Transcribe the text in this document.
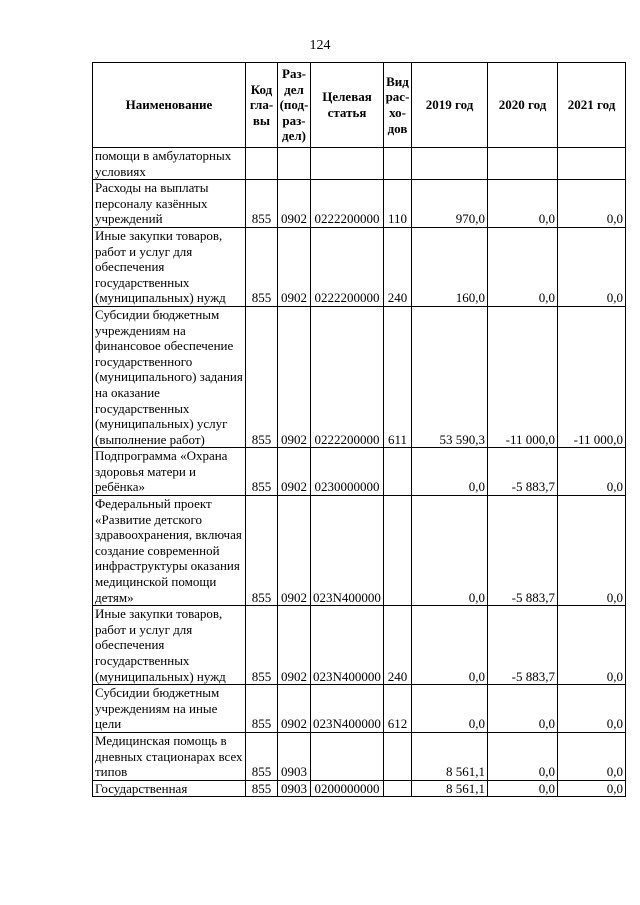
124
Наименование	Код гла-вы	Раз-дел (под-раз-дел)	Целевая статья	Вид рас-хо-дов	2019 год	2020 год	2021 год
помощи в амбулаторных условиях							
Расходы на выплаты персоналу казённых учреждений	855	0902	0222200000	110	970,0	0,0	0,0
Иные закупки товаров, работ и услуг для обеспечения государственных (муниципальных) нужд	855	0902	0222200000	240	160,0	0,0	0,0
Субсидии бюджетным учреждениям на финансовое обеспечение государственного (муниципального) задания на оказание государственных (муниципальных) услуг (выполнение работ)	855	0902	0222200000	611	53 590,3	-11 000,0	-11 000,0
Подпрограмма «Охрана здоровья матери и ребёнка»	855	0902	0230000000		0,0	-5 883,7	0,0
Федеральный проект «Развитие детского здравоохранения, включая создание современной инфраструктуры оказания медицинской помощи детям»	855	0902	023N400000		0,0	-5 883,7	0,0
Иные закупки товаров, работ и услуг для обеспечения государственных (муниципальных) нужд	855	0902	023N400000	240	0,0	-5 883,7	0,0
Субсидии бюджетным учреждениям на иные цели	855	0902	023N400000	612	0,0	0,0	0,0
Медицинская помощь в дневных стационарах всех типов	855	0903			8 561,1	0,0	0,0
Государственная	855	0903	0200000000		8 561,1	0,0	0,0
